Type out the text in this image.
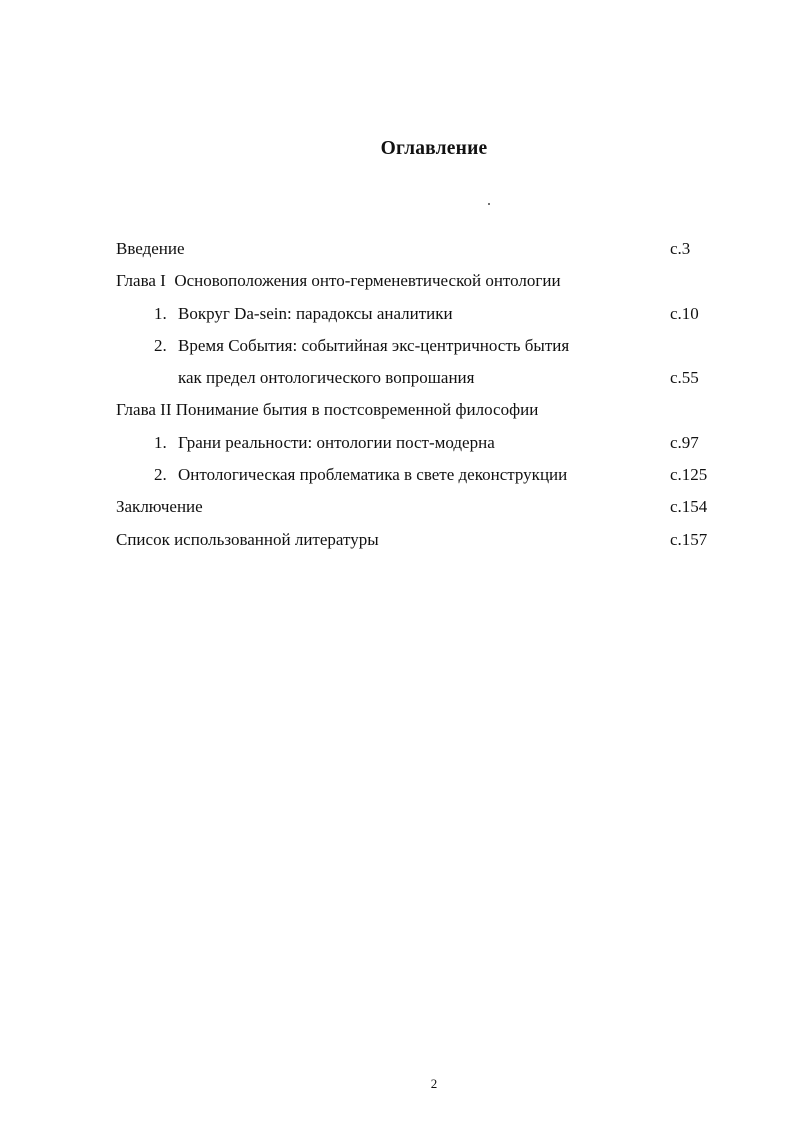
Оглавление
Введение	с.3
Глава I  Основоположения онто-герменевтической онтологии
1. Вокруг Da-sein: парадоксы аналитики	с.10
2. Время События: событийная экс-центричность бытия
как предел онтологического вопрошания	с.55
Глава II Понимание бытия в постсовременной философии
1. Грани реальности: онтологии пост-модерна	с.97
2. Онтологическая проблематика в свете деконструкции	с.125
Заключение	с.154
Список использованной литературы	с.157
2
